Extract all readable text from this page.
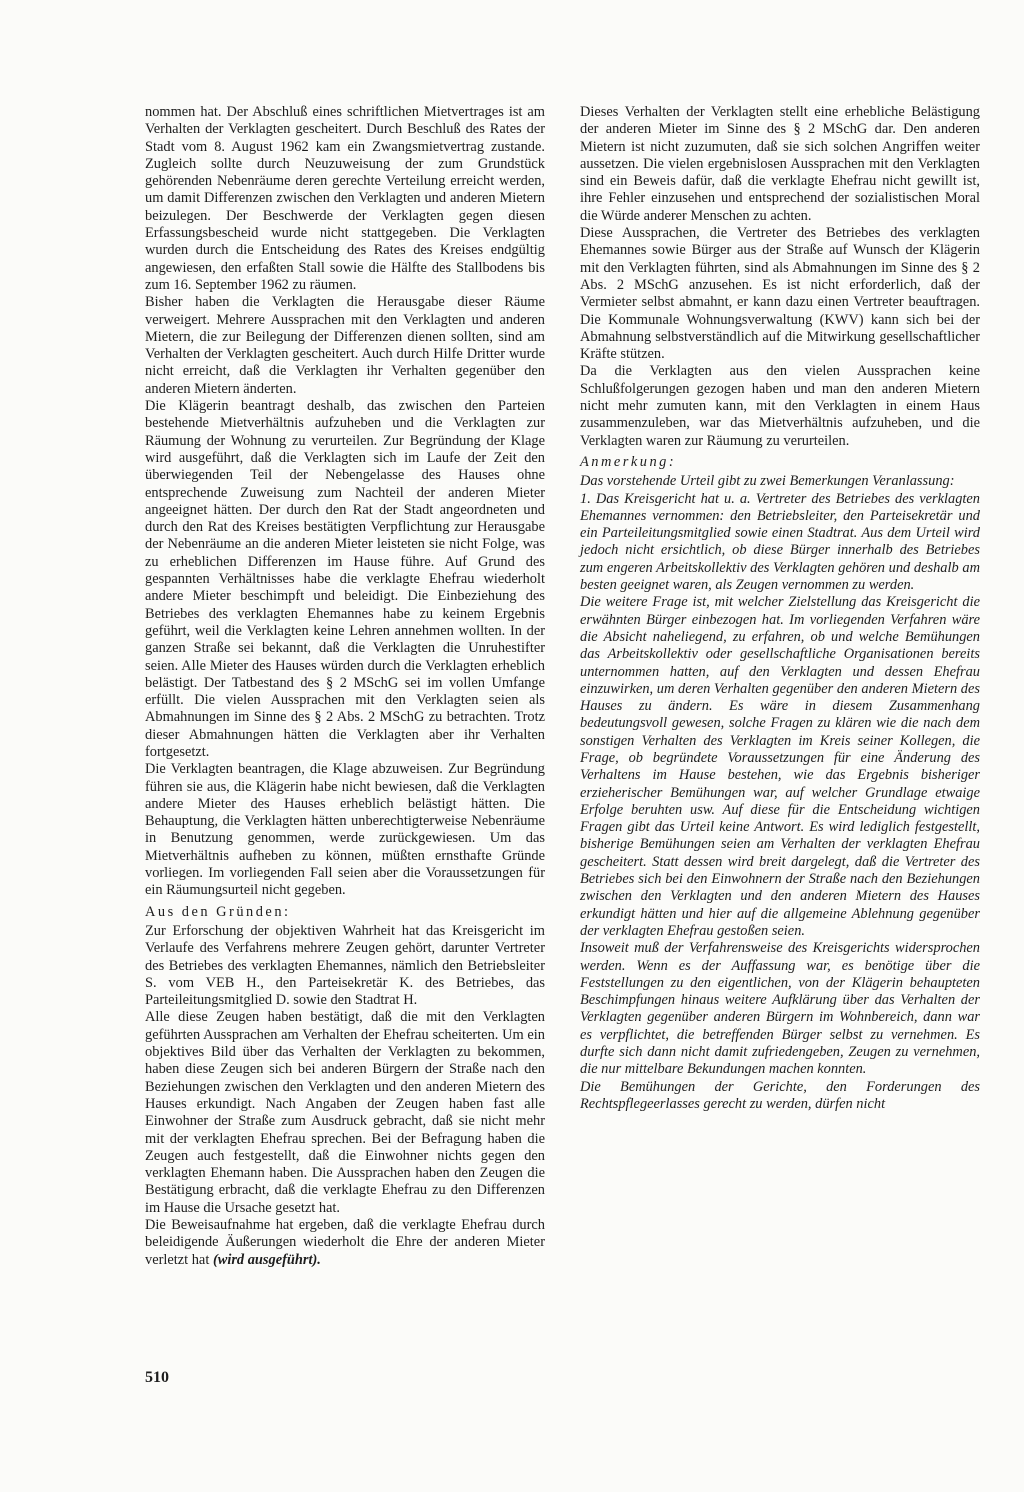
nommen hat. Der Abschluß eines schriftlichen Mietvertrages ist am Verhalten der Verklagten gescheitert. Durch Beschluß des Rates der Stadt vom 8. August 1962 kam ein Zwangsmietvertrag zustande. Zugleich sollte durch Neuzuweisung der zum Grundstück gehörenden Nebenräume deren gerechte Verteilung erreicht werden, um damit Differenzen zwischen den Verklagten und anderen Mietern beizulegen. Der Beschwerde der Verklagten gegen diesen Erfassungsbescheid wurde nicht stattgegeben. Die Verklagten wurden durch die Entscheidung des Rates des Kreises endgültig angewiesen, den erfaßten Stall sowie die Hälfte des Stallbodens bis zum 16. September 1962 zu räumen.

Bisher haben die Verklagten die Herausgabe dieser Räume verweigert. Mehrere Aussprachen mit den Verklagten und anderen Mietern, die zur Beilegung der Differenzen dienen sollten, sind am Verhalten der Verklagten gescheitert. Auch durch Hilfe Dritter wurde nicht erreicht, daß die Verklagten ihr Verhalten gegenüber den anderen Mietern änderten.

Die Klägerin beantragt deshalb, das zwischen den Parteien bestehende Mietverhältnis aufzuheben und die Verklagten zur Räumung der Wohnung zu verurteilen. Zur Begründung der Klage wird ausgeführt, daß die Verklagten sich im Laufe der Zeit den überwiegenden Teil der Nebengelasse des Hauses ohne entsprechende Zuweisung zum Nachteil der anderen Mieter angeeignet hätten. Der durch den Rat der Stadt angeordneten und durch den Rat des Kreises bestätigten Verpflichtung zur Herausgabe der Nebenräume an die anderen Mieter leisteten sie nicht Folge, was zu erheblichen Differenzen im Hause führe. Auf Grund des gespannten Verhältnisses habe die verklagte Ehefrau wiederholt andere Mieter beschimpft und beleidigt. Die Einbeziehung des Betriebes des verklagten Ehemannes habe zu keinem Ergebnis geführt, weil die Verklagten keine Lehren annehmen wollten. In der ganzen Straße sei bekannt, daß die Verklagten die Unruhestifter seien. Alle Mieter des Hauses würden durch die Verklagten erheblich belästigt. Der Tatbestand des § 2 MSchG sei im vollen Umfange erfüllt. Die vielen Aussprachen mit den Verklagten seien als Abmahnungen im Sinne des § 2 Abs. 2 MSchG zu betrachten. Trotz dieser Abmahnungen hätten die Verklagten aber ihr Verhalten fortgesetzt.

Die Verklagten beantragen, die Klage abzuweisen. Zur Begründung führen sie aus, die Klägerin habe nicht bewiesen, daß die Verklagten andere Mieter des Hauses erheblich belästigt hätten. Die Behauptung, die Verklagten hätten unberechtigterweise Nebenräume in Benutzung genommen, werde zurückgewiesen. Um das Mietverhältnis aufheben zu können, müßten ernsthafte Gründe vorliegen. Im vorliegenden Fall seien aber die Voraussetzungen für ein Räumungsurteil nicht gegeben.

Aus den Gründen:

Zur Erforschung der objektiven Wahrheit hat das Kreisgericht im Verlaufe des Verfahrens mehrere Zeugen gehört, darunter Vertreter des Betriebes des verklagten Ehemannes, nämlich den Betriebsleiter S. vom VEB H., den Parteisekretär K. des Betriebes, das Parteileitungsmitglied D. sowie den Stadtrat H.

Alle diese Zeugen haben bestätigt, daß die mit den Verklagten geführten Aussprachen am Verhalten der Ehefrau scheiterten. Um ein objektives Bild über das Verhalten der Verklagten zu bekommen, haben diese Zeugen sich bei anderen Bürgern der Straße nach den Beziehungen zwischen den Verklagten und den anderen Mietern des Hauses erkundigt. Nach Angaben der Zeugen haben fast alle Einwohner der Straße zum Ausdruck gebracht, daß sie nicht mehr mit der verklagten Ehefrau sprechen. Bei der Befragung haben die Zeugen auch festgestellt, daß die Einwohner nichts gegen den verklagten Ehemann haben. Die Aussprachen haben den Zeugen die Bestätigung erbracht, daß die verklagte Ehefrau zu den Differenzen im Hause die Ursache gesetzt hat.

Die Beweisaufnahme hat ergeben, daß die verklagte Ehefrau durch beleidigende Äußerungen wiederholt die Ehre der anderen Mieter verletzt hat (wird ausgeführt).

Dieses Verhalten der Verklagten stellt eine erhebliche Belästigung der anderen Mieter im Sinne des § 2 MSchG dar. Den anderen Mietern ist nicht zuzumuten, daß sie sich solchen Angriffen weiter aussetzen. Die vielen ergebnislosen Aussprachen mit den Verklagten sind ein Beweis dafür, daß die verklagte Ehefrau nicht gewillt ist, ihre Fehler einzusehen und entsprechend der sozialistischen Moral die Würde anderer Menschen zu achten.

Diese Aussprachen, die Vertreter des Betriebes des verklagten Ehemannes sowie Bürger aus der Straße auf Wunsch der Klägerin mit den Verklagten führten, sind als Abmahnungen im Sinne des § 2 Abs. 2 MSchG anzusehen. Es ist nicht erforderlich, daß der Vermieter selbst abmahnt, er kann dazu einen Vertreter beauftragen. Die Kommunale Wohnungsverwaltung (KWV) kann sich bei der Abmahnung selbstverständlich auf die Mitwirkung gesellschaftlicher Kräfte stützen.

Da die Verklagten aus den vielen Aussprachen keine Schlußfolgerungen gezogen haben und man den anderen Mietern nicht mehr zumuten kann, mit den Verklagten in einem Haus zusammenzuleben, war das Mietverhältnis aufzuheben, und die Verklagten waren zur Räumung zu verurteilen.

Anmerkung:

Das vorstehende Urteil gibt zu zwei Bemerkungen Veranlassung:

1. Das Kreisgericht hat u. a. Vertreter des Betriebes des verklagten Ehemannes vernommen: den Betriebsleiter, den Parteisekretär und ein Parteileitungsmitglied sowie einen Stadtrat. Aus dem Urteil wird jedoch nicht ersichtlich, ob diese Bürger innerhalb des Betriebes zum engeren Arbeitskollektiv des Verklagten gehören und deshalb am besten geeignet waren, als Zeugen vernommen zu werden.

Die weitere Frage ist, mit welcher Zielstellung das Kreisgericht die erwähnten Bürger einbezogen hat. Im vorliegenden Verfahren wäre die Absicht naheliegend, zu erfahren, ob und welche Bemühungen das Arbeitskollektiv oder gesellschaftliche Organisationen bereits unternommen hatten, auf den Verklagten und dessen Ehefrau einzuwirken, um deren Verhalten gegenüber den anderen Mietern des Hauses zu ändern. Es wäre in diesem Zusammenhang bedeutungsvoll gewesen, solche Fragen zu klären wie die nach dem sonstigen Verhalten des Verklagten im Kreis seiner Kollegen, die Frage, ob begründete Voraussetzungen für eine Änderung des Verhaltens im Hause bestehen, wie das Ergebnis bisheriger erzieherischer Bemühungen war, auf welcher Grundlage etwaige Erfolge beruhten usw. Auf diese für die Entscheidung wichtigen Fragen gibt das Urteil keine Antwort. Es wird lediglich festgestellt, bisherige Bemühungen seien am Verhalten der verklagten Ehefrau gescheitert. Statt dessen wird breit dargelegt, daß die Vertreter des Betriebes sich bei den Einwohnern der Straße nach den Beziehungen zwischen den Verklagten und den anderen Mietern des Hauses erkundigt hätten und hier auf die allgemeine Ablehnung gegenüber der verklagten Ehefrau gestoßen seien.

Insoweit muß der Verfahrensweise des Kreisgerichts widersprochen werden. Wenn es der Auffassung war, es benötige über die Feststellungen zu den eigentlichen, von der Klägerin behaupteten Beschimpfungen hinaus weitere Aufklärung über das Verhalten der Verklagten gegenüber anderen Bürgern im Wohnbereich, dann war es verpflichtet, die betreffenden Bürger selbst zu vernehmen. Es durfte sich dann nicht damit zufriedengeben, Zeugen zu vernehmen, die nur mittelbare Bekundungen machen konnten.

Die Bemühungen der Gerichte, den Forderungen des Rechtspflegeerlasses gerecht zu werden, dürfen nicht

510
